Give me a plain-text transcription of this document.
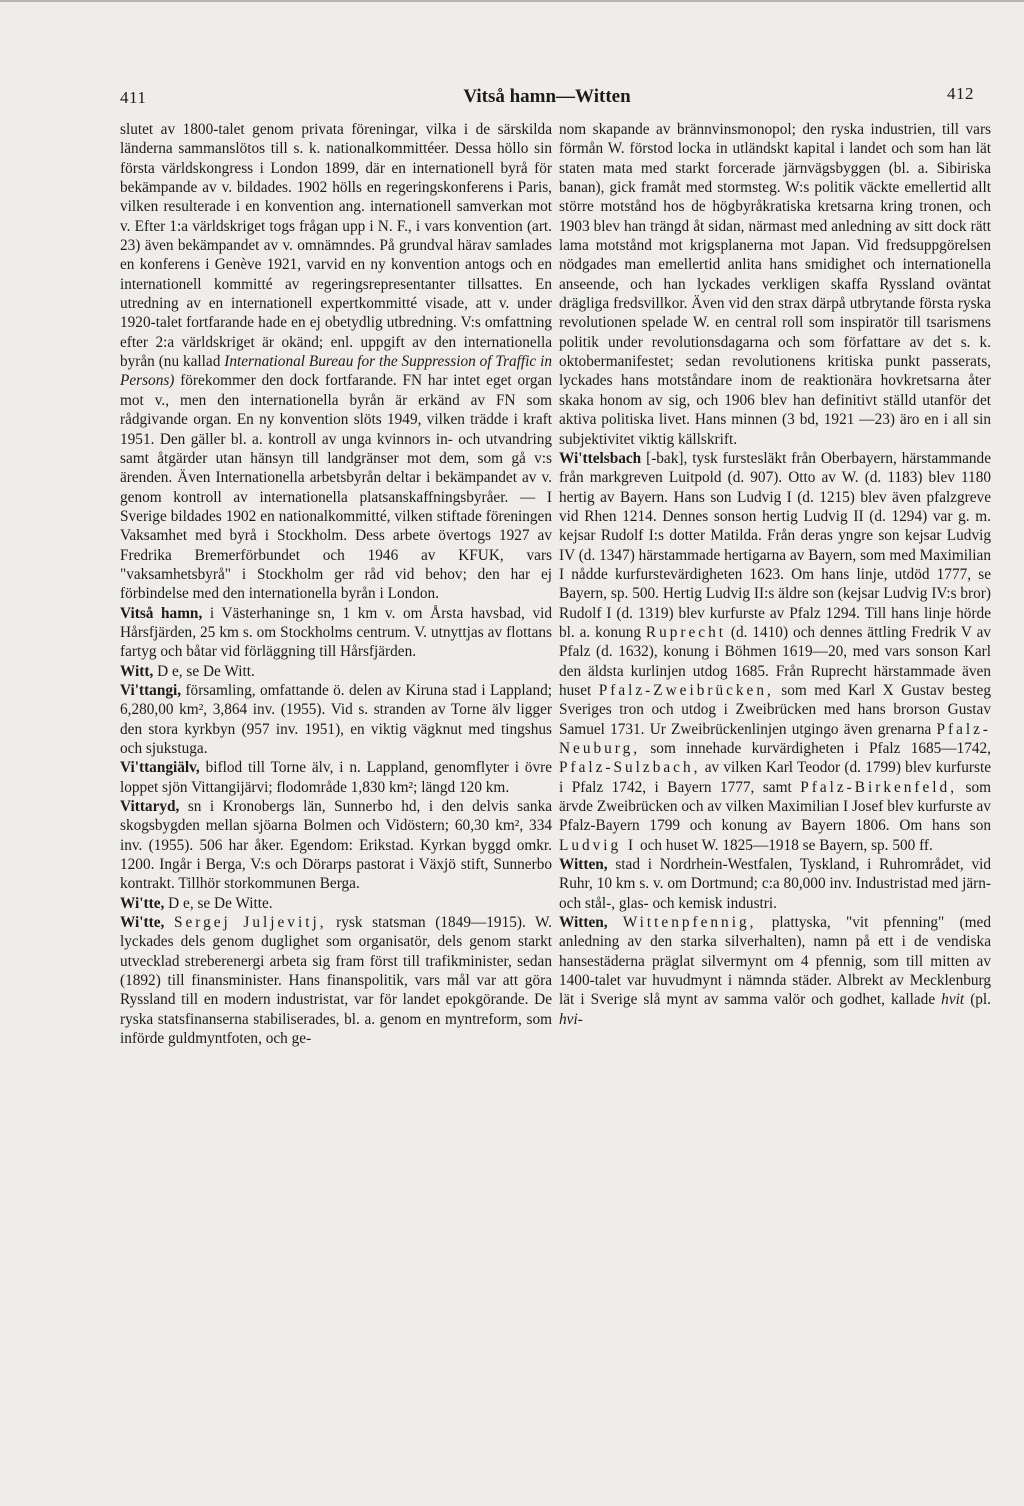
411	Vitså hamn—Witten	412

slutet av 1800-talet genom privata föreningar, vilka i de särskilda länderna sammanslötos till s. k. nationalkommittéer. Dessa höllo sin första världskongress i London 1899, där en internationell byrå för bekämpande av v. bildades. 1902 hölls en regeringskonferens i Paris, vilken resulterade i en konvention ang. internationell samverkan mot v. Efter 1:a världskriget togs frågan upp i N. F., i vars konvention (art. 23) även bekämpandet av v. omnämndes. På grundval härav samlades en konferens i Genève 1921, varvid en ny konvention antogs och en internationell kommitté av regeringsrepresentanter tillsattes. En utredning av en internationell expertkommitté visade, att v. under 1920-talet fortfarande hade en ej obetydlig utbredning. V:s omfattning efter 2:a världskriget är okänd; enl. uppgift av den internationella byrån (nu kallad International Bureau for the Suppression of Traffic in Persons) förekommer den dock fortfarande. FN har intet eget organ mot v., men den internationella byrån är erkänd av FN som rådgivande organ. En ny konvention slöts 1949, vilken trädde i kraft 1951. Den gäller bl. a. kontroll av unga kvinnors in- och utvandring samt åtgärder utan hänsyn till landgränser mot dem, som gå v:s ärenden. Även Internationella arbetsbyrån deltar i bekämpandet av v. genom kontroll av internationella platsanskaffningsbyråer. — I Sverige bildades 1902 en nationalkommitté, vilken stiftade föreningen Vaksamhet med byrå i Stockholm. Dess arbete övertogs 1927 av Fredrika Bremerförbundet och 1946 av KFUK, vars "vaksamhetsbyrå" i Stockholm ger råd vid behov; den har ej förbindelse med den internationella byrån i London.

Vitså hamn, i Västerhaninge sn, 1 km v. om Årsta havsbad, vid Hårsfjärden, 25 km s. om Stockholms centrum. V. utnyttjas av flottans fartyg och båtar vid förläggning till Hårsfjärden.

Witt, D e, se De Witt.

Vi'ttangi, församling, omfattande ö. delen av Kiruna stad i Lappland; 6,280,00 km², 3,864 inv. (1955). Vid s. stranden av Torne älv ligger den stora kyrkbyn (957 inv. 1951), en viktig vägknut med tingshus och sjukstuga.

Vi'ttangiälv, biflod till Torne älv, i n. Lappland, genomflyter i övre loppet sjön Vittangijärvi; flodområde 1,830 km²; längd 120 km.

Vittaryd, sn i Kronobergs län, Sunnerbo hd, i den delvis sanka skogsbygden mellan sjöarna Bolmen och Vidöstern; 60,30 km², 334 inv. (1955). 506 har åker. Egendom: Erikstad. Kyrkan byggd omkr. 1200. Ingår i Berga, V:s och Dörarps pastorat i Växjö stift, Sunnerbo kontrakt. Tillhör storkommunen Berga.

Wi'tte, D e, se De Witte.

Wi'tte, Sergej Juljevitj, rysk statsman (1849—1915). W. lyckades dels genom duglighet som organisatör, dels genom starkt utvecklad streberenergi arbeta sig fram först till trafikminister, sedan (1892) till finansminister. Hans finanspolitik, vars mål var att göra Ryssland till en modern industristat, var för landet epokgörande. De ryska statsfinanserna stabiliserades, bl. a. genom en myntreform, som införde guldmyntfoten, och ge-

nom skapande av brännvinsmonopol; den ryska industrien, till vars förmån W. förstod locka in utländskt kapital i landet och som han lät staten mata med starkt forcerade järnvägsbyggen (bl. a. Sibiriska banan), gick framåt med stormsteg. W:s politik väckte emellertid allt större motstånd hos de högbyråkratiska kretsarna kring tronen, och 1903 blev han trängd åt sidan, närmast med anledning av sitt dock rätt lama motstånd mot krigsplanerna mot Japan. Vid fredsuppgörelsen nödgades man emellertid anlita hans smidighet och internationella anseende, och han lyckades verkligen skaffa Ryssland oväntat drägliga fredsvillkor. Även vid den strax därpå utbrytande första ryska revolutionen spelade W. en central roll som inspiratör till tsarismens politik under revolutionsdagarna och som författare av det s. k. oktobermanifestet; sedan revolutionens kritiska punkt passerats, lyckades hans motståndare inom de reaktionära hovkretsarna åter skaka honom av sig, och 1906 blev han definitivt ställd utanför det aktiva politiska livet. Hans minnen (3 bd, 1921 —23) äro en i all sin subjektivitet viktig källskrift.

Wi'ttelsbach [-bak], tysk furstesläkt från Oberbayern, härstammande från markgreven Luitpold (d. 907). Otto av W. (d. 1183) blev 1180 hertig av Bayern. Hans son Ludvig I (d. 1215) blev även pfalzgreve vid Rhen 1214. Dennes sonson hertig Ludvig II (d. 1294) var g. m. kejsar Rudolf I:s dotter Matilda. Från deras yngre son kejsar Ludvig IV (d. 1347) härstammade hertigarna av Bayern, som med Maximilian I nådde kurfurstevärdigheten 1623. Om hans linje, utdöd 1777, se Bayern, sp. 500. Hertig Ludvig II:s äldre son (kejsar Ludvig IV:s bror) Rudolf I (d. 1319) blev kurfurste av Pfalz 1294. Till hans linje hörde bl. a. konung Ruprecht (d. 1410) och dennes ättling Fredrik V av Pfalz (d. 1632), konung i Böhmen 1619—20, med vars sonson Karl den äldsta kurlinjen utdog 1685. Från Ruprecht härstammade även huset Pfalz-Zweibrücken, som med Karl X Gustav besteg Sveriges tron och utdog i Zweibrücken med hans brorson Gustav Samuel 1731. Ur Zweibrückenlinjen utgingo även grenarna Pfalz-Neuburg, som innehade kurvärdigheten i Pfalz 1685—1742, Pfalz-Sulzbach, av vilken Karl Teodor (d. 1799) blev kurfurste i Pfalz 1742, i Bayern 1777, samt Pfalz-Birkenfeld, som ärvde Zweibrücken och av vilken Maximilian I Josef blev kurfurste av Pfalz-Bayern 1799 och konung av Bayern 1806. Om hans son Ludvig I och huset W. 1825—1918 se Bayern, sp. 500 ff.

Witten, stad i Nordrhein-Westfalen, Tyskland, i Ruhrområdet, vid Ruhr, 10 km s. v. om Dortmund; c:a 80,000 inv. Industristad med järn- och stål-, glas- och kemisk industri.

Witten, Wittenpfennig, plattyska, "vit pfenning" (med anledning av den starka silverhalten), namn på ett i de vendiska hansestäderna präglat silvermynt om 4 pfennig, som till mitten av 1400-talet var huvudmynt i nämnda städer. Albrekt av Mecklenburg lät i Sverige slå mynt av samma valör och godhet, kallade hvit (pl. hvi-
